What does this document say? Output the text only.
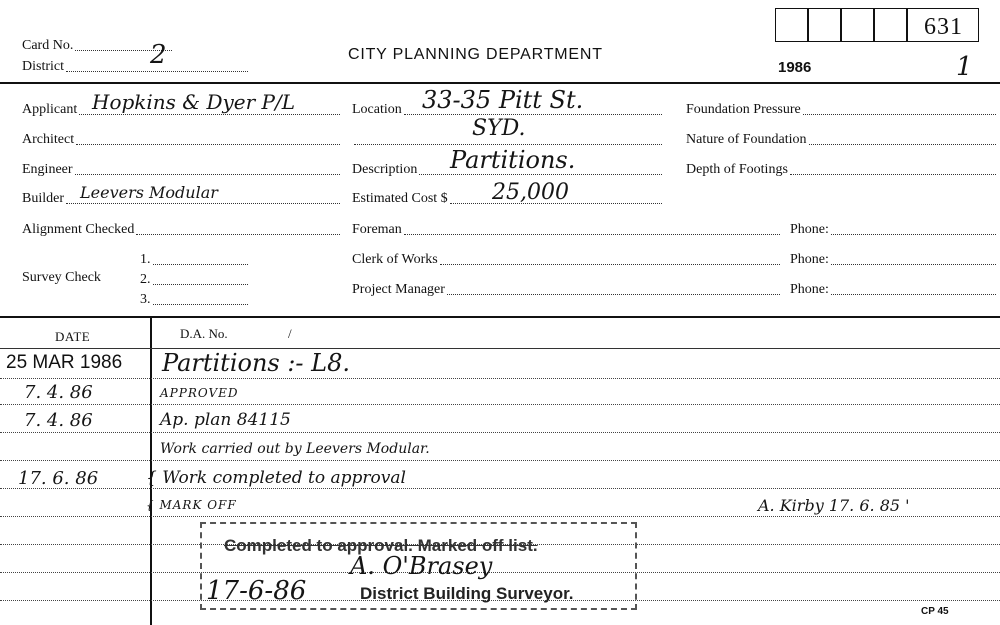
Card No.	2
District
CITY PLANNING DEPARTMENT
631
1986	1
Applicant Hopkins & Dyer P/L
Architect
Engineer
Builder Leevers Modular
Alignment Checked
Survey Check
1.
2.
3.
Location 33-35 Pitt St.
SYD.
Description Partitions.
Estimated Cost $ 25,000
Foreman
Clerk of Works
Project Manager
Foundation Pressure
Nature of Foundation
Depth of Footings
Phone:
Phone:
Phone:
DATE	D.A. No.	/
25 MAR 1986 Partitions :- L8.
7. 4. 86	APPROVED
7. 4. 86	Ap. plan 84115
Work carried out by Leevers Modular.
17. 6. 86	{ Work completed to approval
{ MARK OFF	A. Kirby 17. 6. 85 '
Completed to approval. Marked off list.
A. O'Brasey
17-6-86	District Building Surveyor.
CP 45
